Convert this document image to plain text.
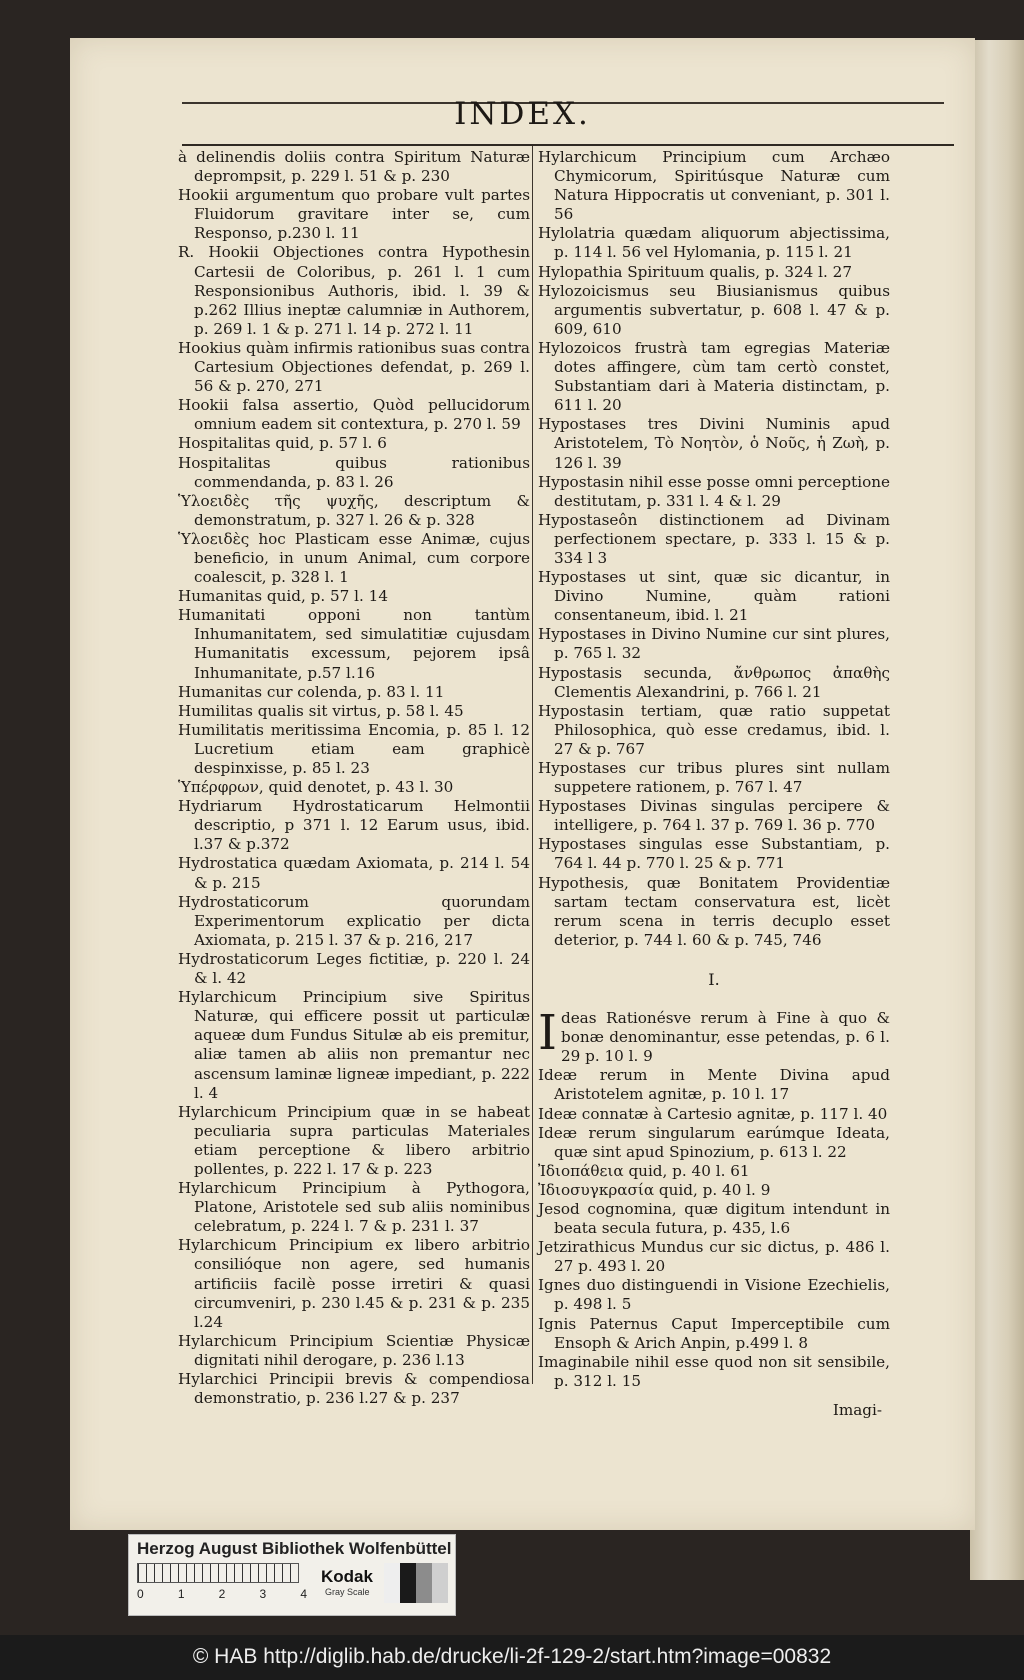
INDEX.

à delinendis doliis contra Spiritum Naturæ deprompsit, p. 229 l. 51 & p. 230

Hookii argumentum quo probare vult partes Fluidorum gravitare inter se, cum Responso, p.230 l. 11

R. Hookii Objectiones contra Hypothesin Cartesii de Coloribus, p. 261 l. 1 cum Responsionibus Authoris, ibid. l. 39 & p.262 Illius ineptæ calumniæ in Authorem, p. 269 l. 1 & p. 271 l. 14 p. 272 l. 11

Hookius quàm infirmis rationibus suas contra Cartesium Objectiones defendat, p. 269 l. 56 & p. 270, 271

Hookii falsa assertio, Quòd pellucidorum omnium eadem sit contextura, p. 270 l. 59

Hospitalitas quid, p. 57 l. 6

Hospitalitas quibus rationibus commendanda, p. 83 l. 26

Ὑλοειδὲς τῆς ψυχῆς, descriptum & demonstratum, p. 327 l. 26 & p. 328

Ὑλοειδὲς hoc Plasticam esse Animæ, cujus beneficio, in unum Animal, cum corpore coalescit, p. 328 l. 1

Humanitas quid, p. 57 l. 14

Humanitati opponi non tantùm Inhumanitatem, sed simulatitiæ cujusdam Humanitatis excessum, pejorem ipsâ Inhumanitate, p.57 l.16

Humanitas cur colenda, p. 83 l. 11

Humilitas qualis sit virtus, p. 58 l. 45

Humilitatis meritissima Encomia, p. 85 l. 12 Lucretium etiam eam graphicè despinxisse, p. 85 l. 23

Ὑπέρφρων, quid denotet, p. 43 l. 30

Hydriarum Hydrostaticarum Helmontii descriptio, p 371 l. 12 Earum usus, ibid. l.37 & p.372

Hydrostatica quædam Axiomata, p. 214 l. 54 & p. 215

Hydrostaticorum quorundam Experimentorum explicatio per dicta Axiomata, p. 215 l. 37 & p. 216, 217

Hydrostaticorum Leges fictitiæ, p. 220 l. 24 & l. 42

Hylarchicum Principium sive Spiritus Naturæ, qui efficere possit ut particulæ aqueæ dum Fundus Situlæ ab eis premitur, aliæ tamen ab aliis non premantur nec ascensum laminæ ligneæ impediant, p. 222 l. 4

Hylarchicum Principium quæ in se habeat peculiaria supra particulas Materiales etiam perceptione & libero arbitrio pollentes, p. 222 l. 17 & p. 223

Hylarchicum Principium à Pythogora, Platone, Aristotele sed sub aliis nominibus celebratum, p. 224 l. 7 & p. 231 l. 37

Hylarchicum Principium ex libero arbitrio consilióque non agere, sed humanis artificiis facilè posse irretiri & quasi circumveniri, p. 230 l.45 & p. 231 & p. 235 l.24

Hylarchicum Principium Scientiæ Physicæ dignitati nihil derogare, p. 236 l.13

Hylarchici Principii brevis & compendiosa demonstratio, p. 236 l.27 & p. 237

Hylarchicum Principium cum Archæo Chymicorum, Spiritúsque Naturæ cum Natura Hippocratis ut conveniant, p. 301 l. 56

Hylolatria quædam aliquorum abjectissima, p. 114 l. 56 vel Hylomania, p. 115 l. 21

Hylopathia Spirituum qualis, p. 324 l. 27

Hylozoicismus seu Biusianismus quibus argumentis subvertatur, p. 608 l. 47 & p. 609, 610

Hylozoicos frustrà tam egregias Materiæ dotes affingere, cùm tam certò constet, Substantiam dari à Materia distinctam, p. 611 l. 20

Hypostases tres Divini Numinis apud Aristotelem, Τὸ Νοητὸν, ὁ Νοῦς, ἡ Ζωὴ, p. 126 l. 39

Hypostasin nihil esse posse omni perceptione destitutam, p. 331 l. 4 & l. 29

Hypostaseôn distinctionem ad Divinam perfectionem spectare, p. 333 l. 15 & p. 334 l 3

Hypostases ut sint, quæ sic dicantur, in Divino Numine, quàm rationi consentaneum, ibid. l. 21

Hypostases in Divino Numine cur sint plures, p. 765 l. 32

Hypostasis secunda, ἄνθρωπος ἀπαθὴς Clementis Alexandrini, p. 766 l. 21

Hypostasin tertiam, quæ ratio suppetat Philosophica, quò esse credamus, ibid. l. 27 & p. 767

Hypostases cur tribus plures sint nullam suppetere rationem, p. 767 l. 47

Hypostases Divinas singulas percipere & intelligere, p. 764 l. 37 p. 769 l. 36 p. 770

Hypostases singulas esse Substantiam, p. 764 l. 44 p. 770 l. 25 & p. 771

Hypothesis, quæ Bonitatem Providentiæ sartam tectam conservatura est, licèt rerum scena in terris decuplo esset deterior, p. 744 l. 60 & p. 745, 746

I.

I deas Rationésve rerum à Fine à quo & bonæ denominantur, esse petendas, p. 6 l. 29 p. 10 l. 9

Ideæ rerum in Mente Divina apud Aristotelem agnitæ, p. 10 l. 17

Ideæ connatæ à Cartesio agnitæ, p. 117 l. 40

Ideæ rerum singularum earúmque Ideata, quæ sint apud Spinozium, p. 613 l. 22

Ἰδιοπάθεια quid, p. 40 l. 61

Ἰδιοσυγκρασία quid, p. 40 l. 9

Jesod cognomina, quæ digitum intendunt in beata secula futura, p. 435, l.6

Jetzirathicus Mundus cur sic dictus, p. 486 l. 27 p. 493 l. 20

Ignes duo distinguendi in Visione Ezechielis, p. 498 l. 5

Ignis Paternus Caput Imperceptibile cum Ensoph & Arich Anpin, p.499 l. 8

Imaginabile nihil esse quod non sit sensibile, p. 312 l. 15

Imagi-
Herzog August Bibliothek Wolfenbüttel
0	1	2	3	4
Kodak
Gray Scale
© HAB http://diglib.hab.de/drucke/li-2f-129-2/start.htm?image=00832
